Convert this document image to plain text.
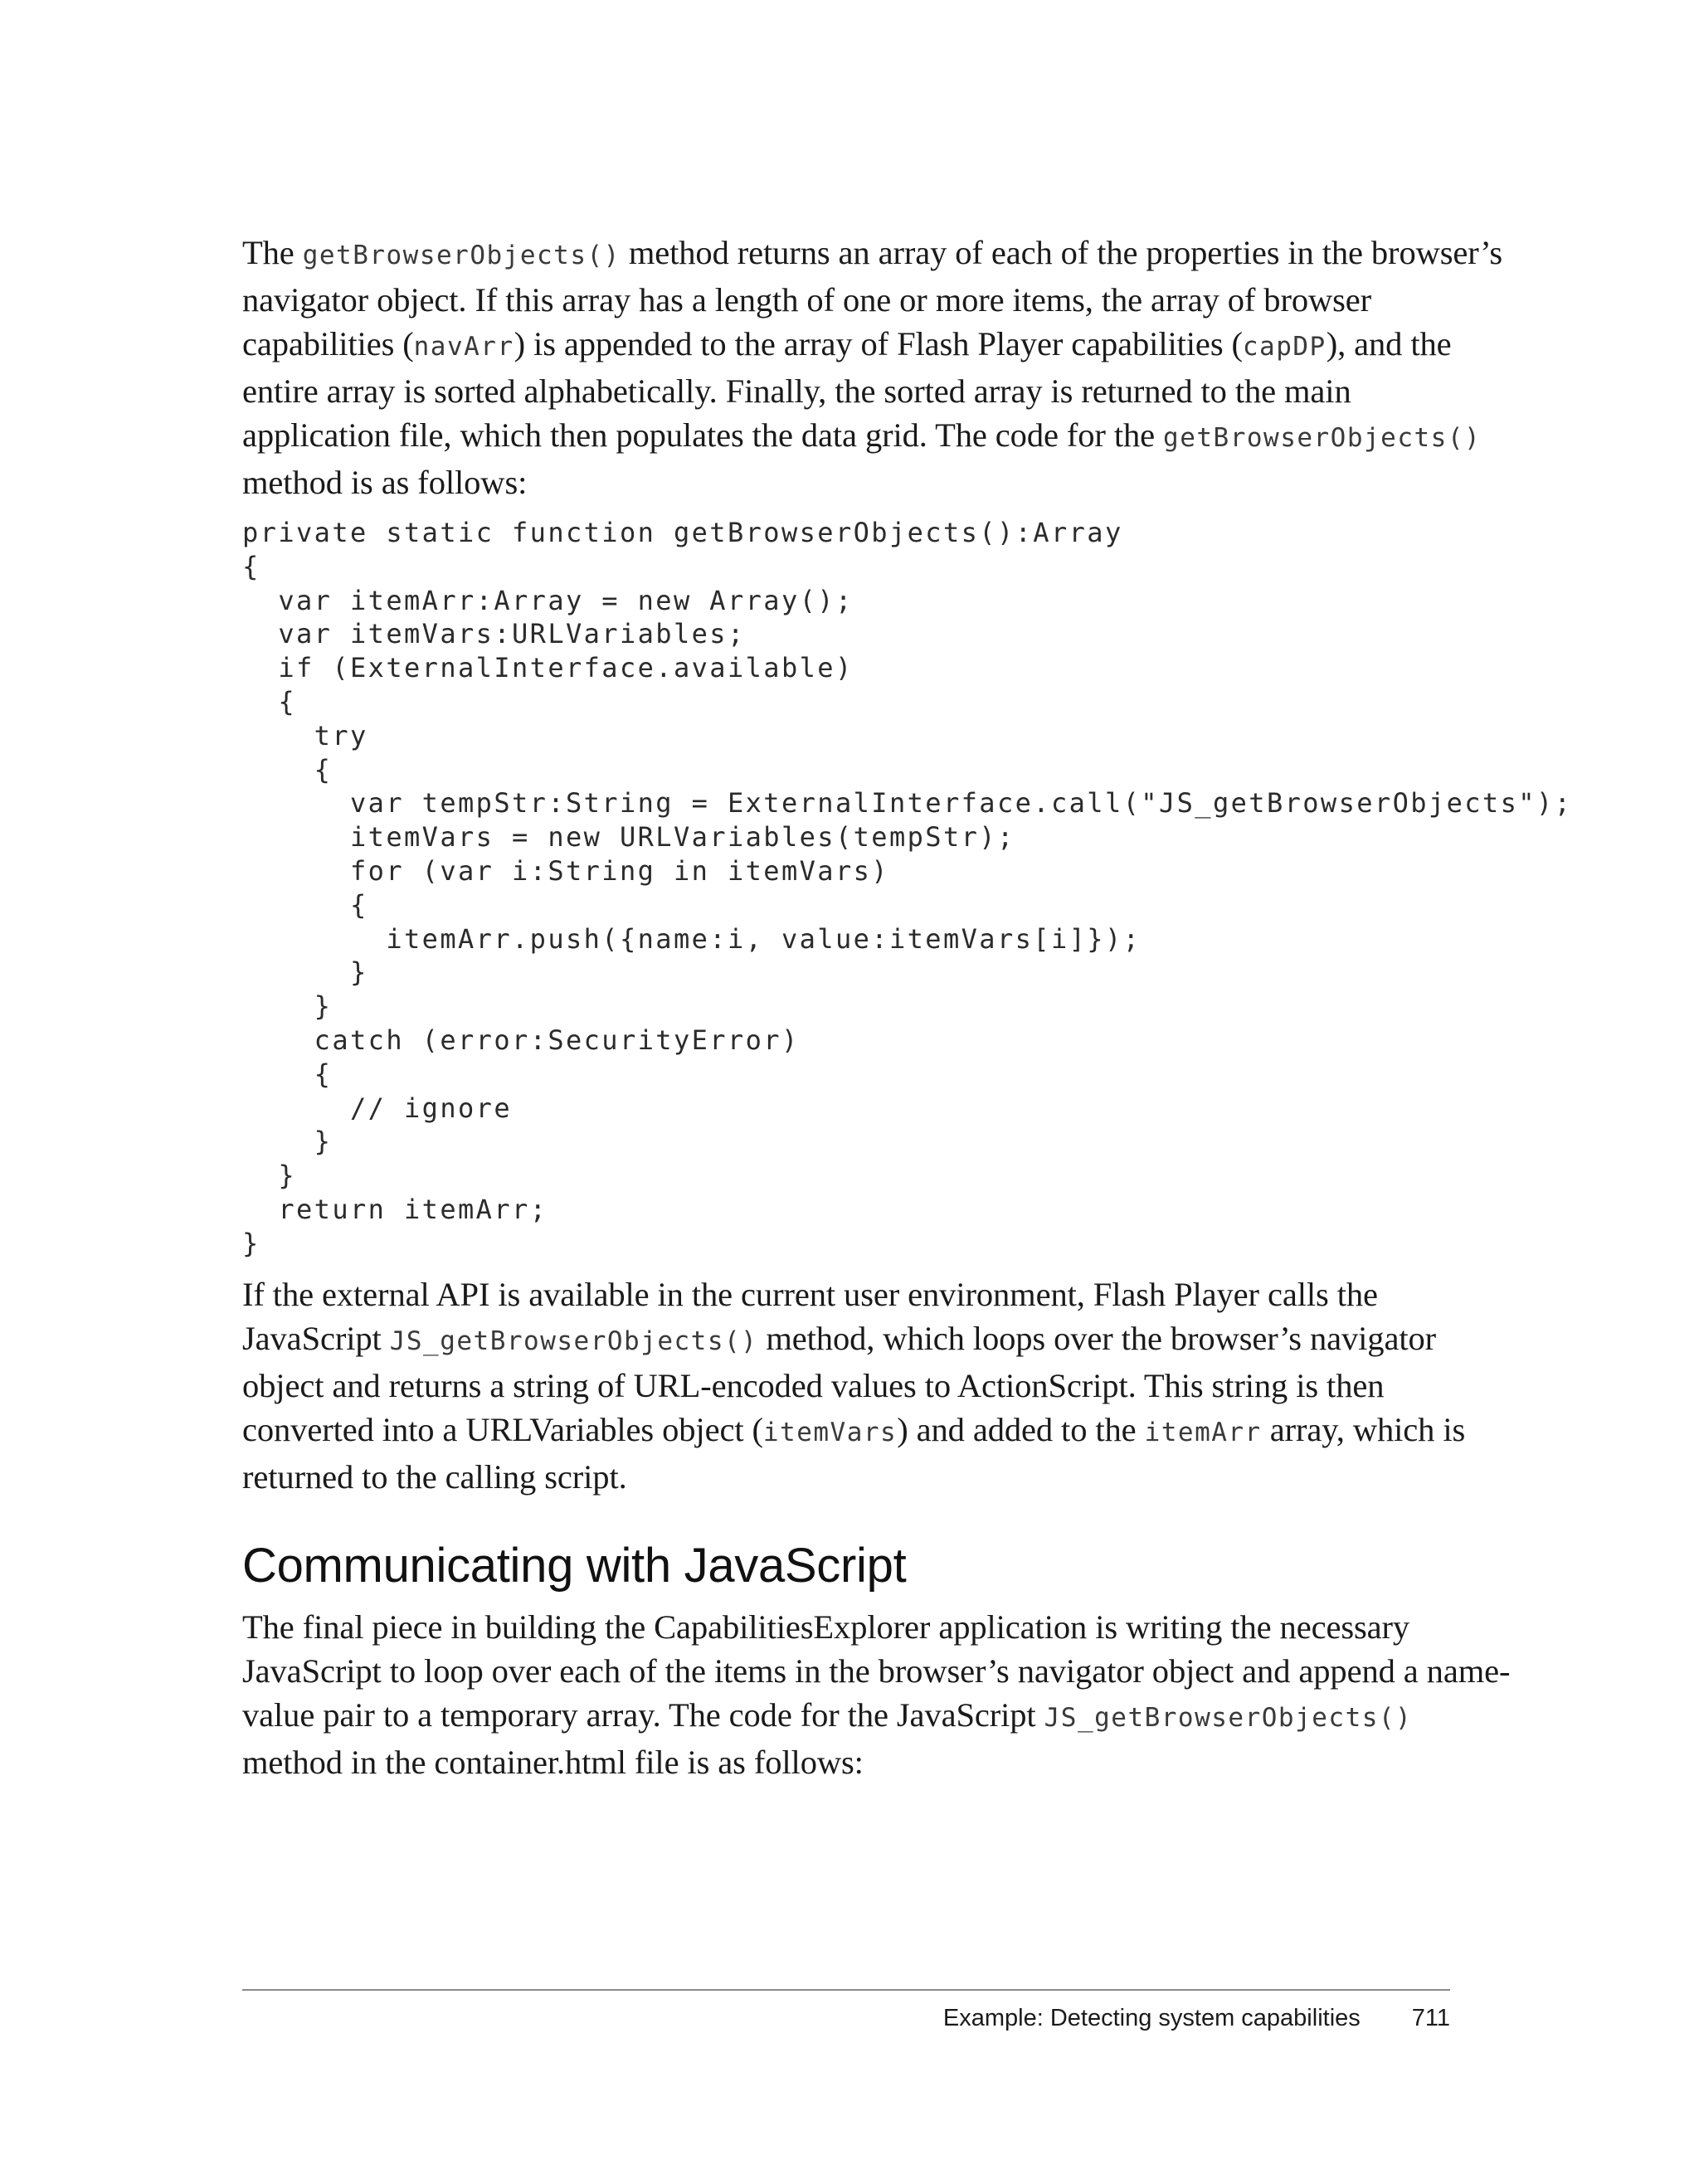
The getBrowserObjects() method returns an array of each of the properties in the browser’s
navigator object. If this array has a length of one or more items, the array of browser
capabilities (navArr) is appended to the array of Flash Player capabilities (capDP), and the
entire array is sorted alphabetically. Finally, the sorted array is returned to the main
application file, which then populates the data grid. The code for the getBrowserObjects()
method is as follows:

private static function getBrowserObjects():Array
{
var itemArr:Array = new Array();
var itemVars:URLVariables;
if (ExternalInterface.available)
{
try
{
var tempStr:String = ExternalInterface.call("JS_getBrowserObjects");
itemVars = new URLVariables(tempStr);
for (var i:String in itemVars)
{
itemArr.push({name:i, value:itemVars[i]});
}
}
catch (error:SecurityError)
{
// ignore
}
}
return itemArr;
}

If the external API is available in the current user environment, Flash Player calls the
JavaScript JS_getBrowserObjects() method, which loops over the browser’s navigator
object and returns a string of URL-encoded values to ActionScript. This string is then
converted into a URLVariables object (itemVars) and added to the itemArr array, which is
returned to the calling script.

Communicating with JavaScript

The final piece in building the CapabilitiesExplorer application is writing the necessary
JavaScript to loop over each of the items in the browser’s navigator object and append a name-
value pair to a temporary array. The code for the JavaScript JS_getBrowserObjects()
method in the container.html file is as follows:

Example: Detecting system capabilities 711
